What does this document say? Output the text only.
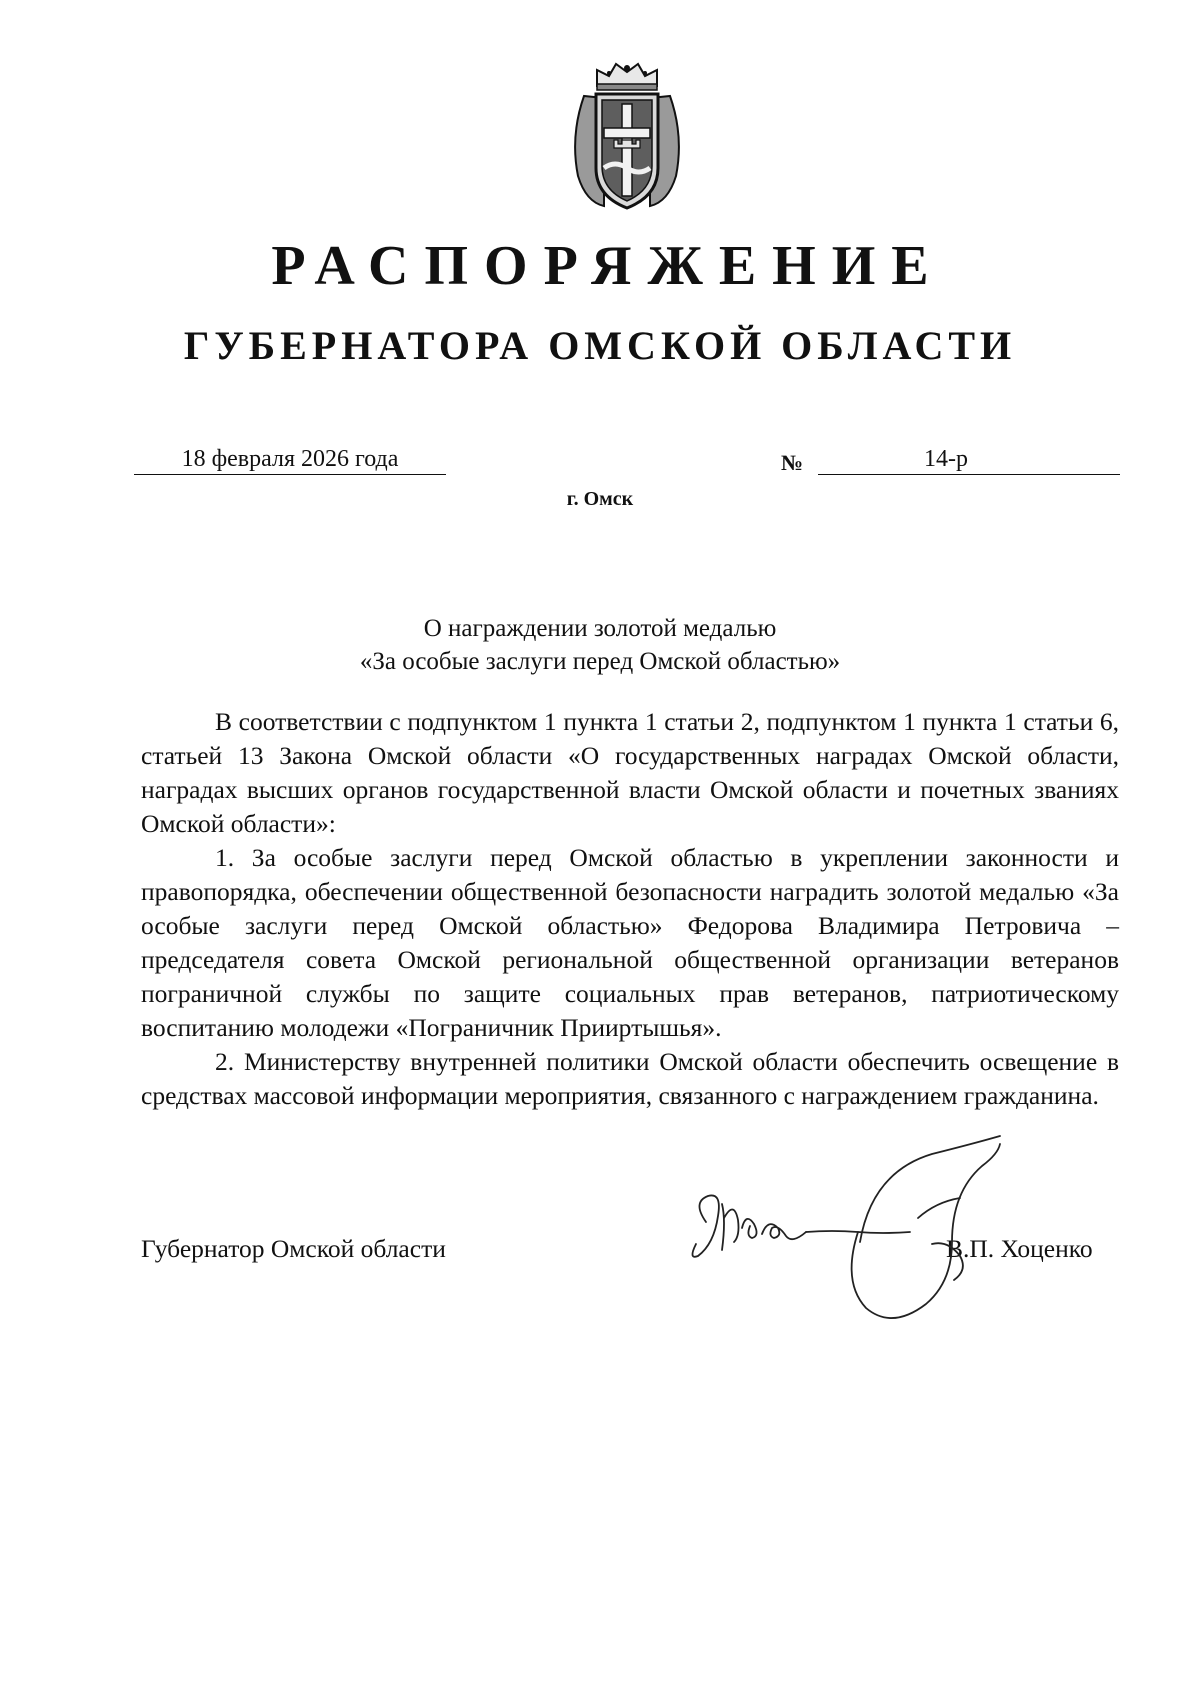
РАСПОРЯЖЕНИЕ
ГУБЕРНАТОРА ОМСКОЙ ОБЛАСТИ
18 февраля 2026 года	№	14-р
г. Омск
О награждении золотой медалью
«За особые заслуги перед Омской областью»

В соответствии с подпунктом 1 пункта 1 статьи 2, подпунктом 1 пункта 1 статьи 6, статьей 13 Закона Омской области «О государственных наградах Омской области, наградах высших органов государственной власти Омской области и почетных званиях Омской области»:

1. За особые заслуги перед Омской областью в укреплении законности и правопорядка, обеспечении общественной безопасности наградить золотой медалью «За особые заслуги перед Омской областью» Федорова Владимира Петровича – председателя совета Омской региональной общественной организации ветеранов пограничной службы по защите социальных прав ветеранов, патриотическому воспитанию молодежи «Пограничник Прииртышья».

2. Министерству внутренней политики Омской области обеспечить освещение в средствах массовой информации мероприятия, связанного с награждением гражданина.

Губернатор Омской области	В.П. Хоценко
